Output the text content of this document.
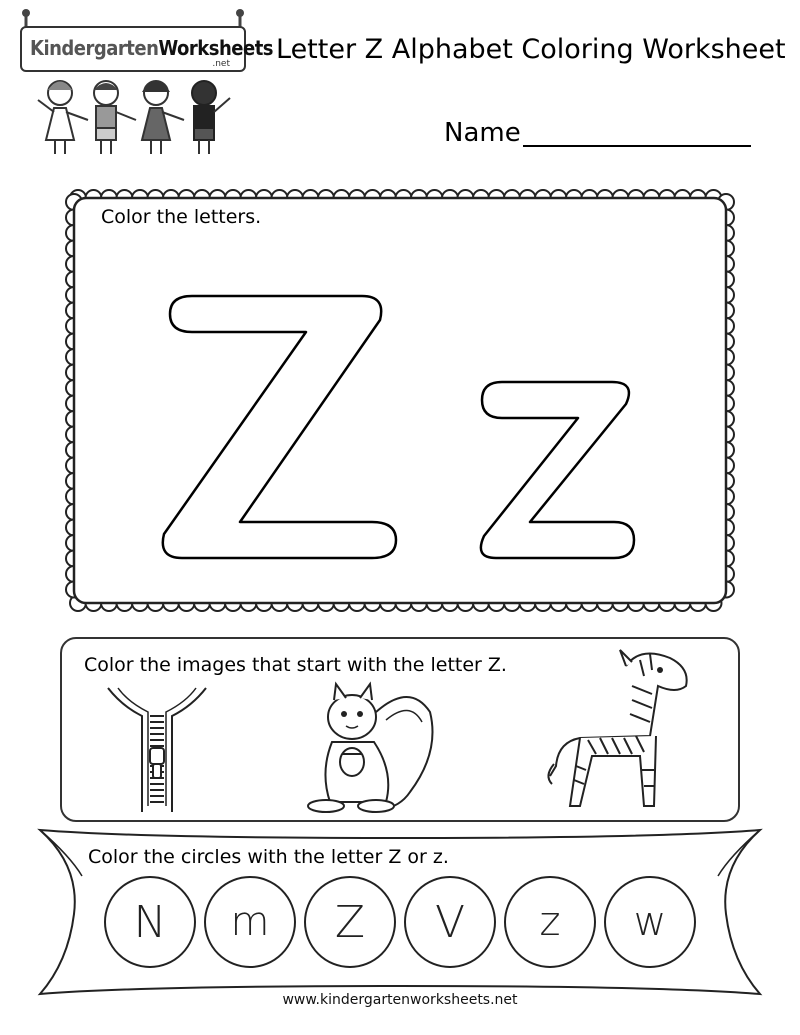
KindergartenWorksheets
.net Letter Z Alphabet Coloring Worksheet
Name
Color the letters.
Color the images that start with the letter Z.
Color the circles with the letter Z or z.
N m Z V z w
www.kindergartenworksheets.net
